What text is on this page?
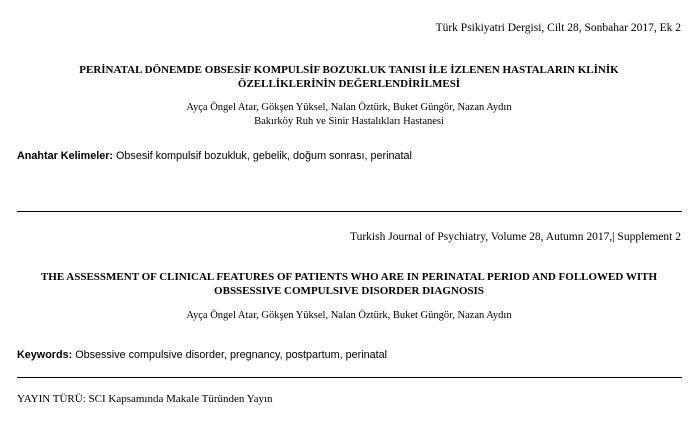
Türk Psikiyatri Dergisi, Cilt 28, Sonbahar 2017, Ek 2
PERİNATAL DÖNEMDE OBSESİF KOMPULSİF BOZUKLUK TANISI İLE İZLENEN HASTALARIN KLİNİK
ÖZELLİKLERİNİN DEĞERLENDİRİLMESİ
Ayça Öngel Atar, Gökşen Yüksel, Nalan Öztürk, Buket Güngör, Nazan Aydın
Bakırköy Ruh ve Sinir Hastalıkları Hastanesi
Anahtar Kelimeler: Obsesif kompulsif bozukluk, gebelik, doğum sonrası, perinatal
Turkish Journal of Psychiatry, Volume 28, Autumn 2017,| Supplement 2
THE ASSESSMENT OF CLINICAL FEATURES OF PATIENTS WHO ARE IN PERINATAL PERIOD AND FOLLOWED WITH
OBSSESSIVE COMPULSIVE DISORDER DIAGNOSIS
Ayça Öngel Atar, Gökşen Yüksel, Nalan Öztürk, Buket Güngör, Nazan Aydın
Keywords: Obsessive compulsive disorder, pregnancy, postpartum, perinatal
YAYIN TÜRÜ: SCI Kapsamında Makale Türünden Yayın
